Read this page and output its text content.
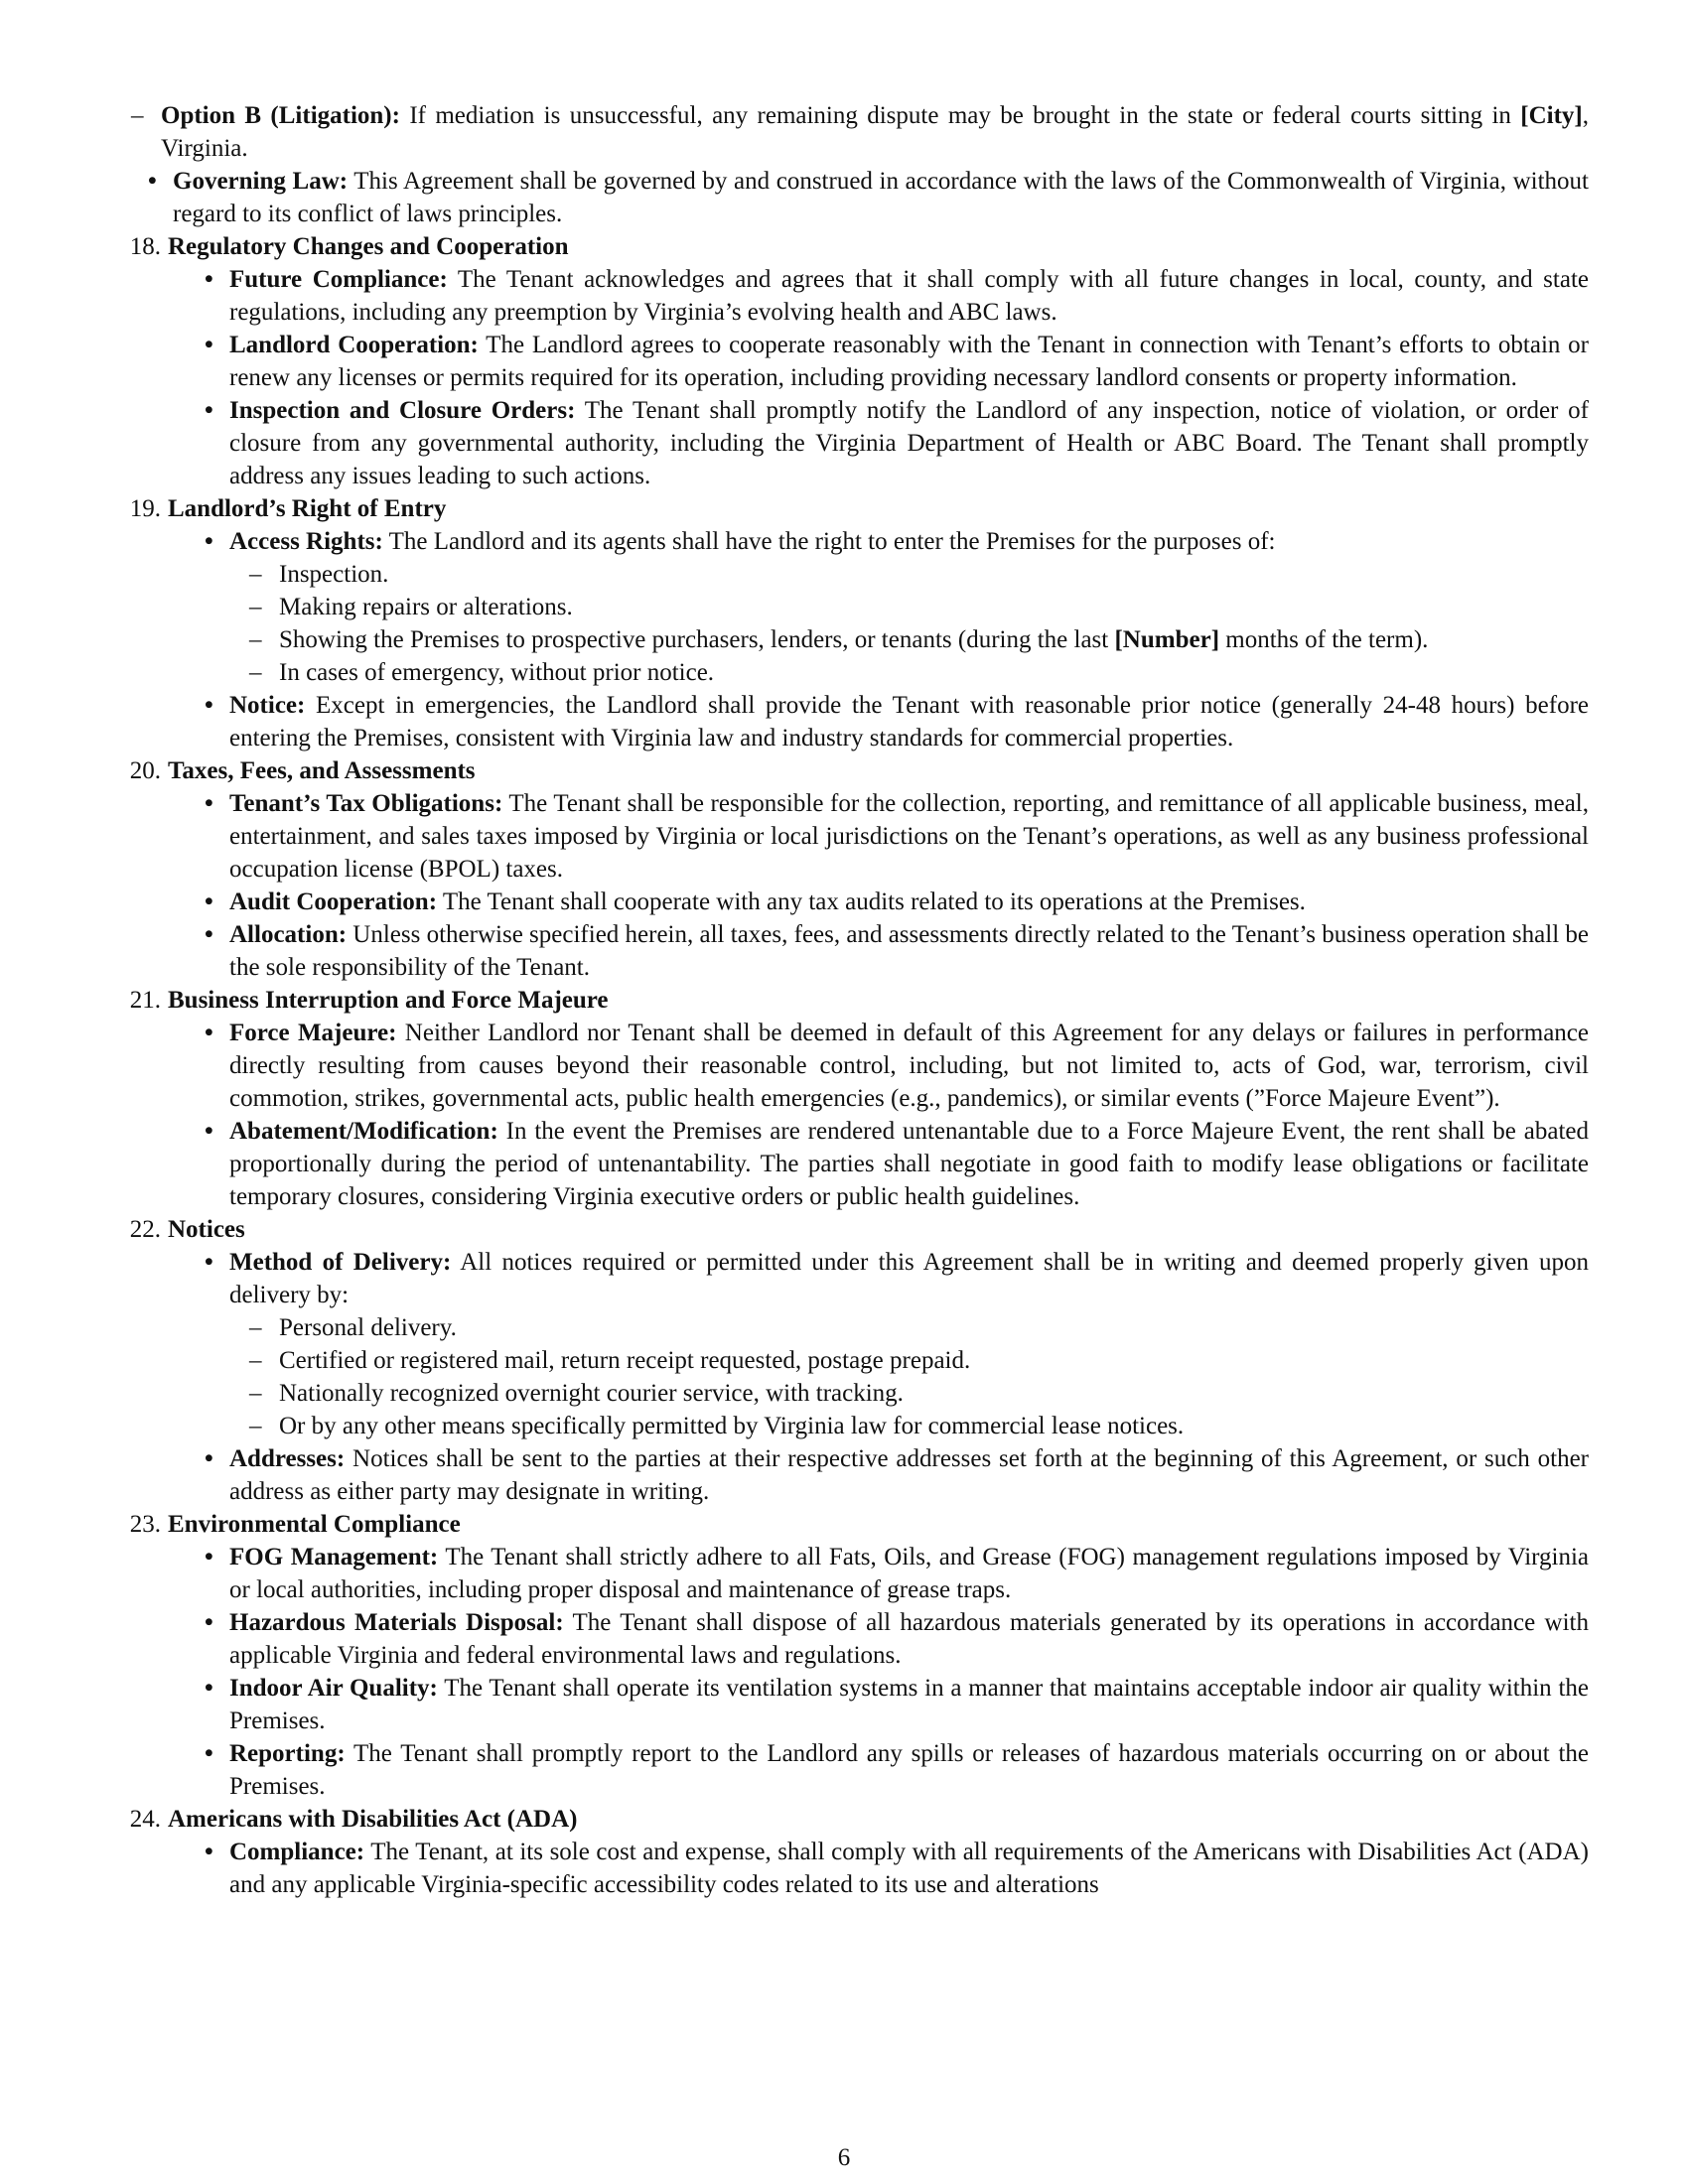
– Option B (Litigation): If mediation is unsuccessful, any remaining dispute may be brought in the state or federal courts sitting in [City], Virginia.
• Governing Law: This Agreement shall be governed by and construed in accordance with the laws of the Commonwealth of Virginia, without regard to its conflict of laws principles.
18. Regulatory Changes and Cooperation
• Future Compliance: The Tenant acknowledges and agrees that it shall comply with all future changes in local, county, and state regulations, including any preemption by Virginia’s evolving health and ABC laws.
• Landlord Cooperation: The Landlord agrees to cooperate reasonably with the Tenant in connection with Tenant’s efforts to obtain or renew any licenses or permits required for its operation, including providing necessary landlord consents or property information.
• Inspection and Closure Orders: The Tenant shall promptly notify the Landlord of any inspection, notice of violation, or order of closure from any governmental authority, including the Virginia Department of Health or ABC Board. The Tenant shall promptly address any issues leading to such actions.
19. Landlord’s Right of Entry
• Access Rights: The Landlord and its agents shall have the right to enter the Premises for the purposes of:
– Inspection.
– Making repairs or alterations.
– Showing the Premises to prospective purchasers, lenders, or tenants (during the last [Number] months of the term).
– In cases of emergency, without prior notice.
• Notice: Except in emergencies, the Landlord shall provide the Tenant with reasonable prior notice (generally 24-48 hours) before entering the Premises, consistent with Virginia law and industry standards for commercial properties.
20. Taxes, Fees, and Assessments
• Tenant’s Tax Obligations: The Tenant shall be responsible for the collection, reporting, and remittance of all applicable business, meal, entertainment, and sales taxes imposed by Virginia or local jurisdictions on the Tenant’s operations, as well as any business professional occupation license (BPOL) taxes.
• Audit Cooperation: The Tenant shall cooperate with any tax audits related to its operations at the Premises.
• Allocation: Unless otherwise specified herein, all taxes, fees, and assessments directly related to the Tenant’s business operation shall be the sole responsibility of the Tenant.
21. Business Interruption and Force Majeure
• Force Majeure: Neither Landlord nor Tenant shall be deemed in default of this Agreement for any delays or failures in performance directly resulting from causes beyond their reasonable control, including, but not limited to, acts of God, war, terrorism, civil commotion, strikes, governmental acts, public health emergencies (e.g., pandemics), or similar events (”Force Majeure Event”).
• Abatement/Modification: In the event the Premises are rendered untenantable due to a Force Majeure Event, the rent shall be abated proportionally during the period of untenantability. The parties shall negotiate in good faith to modify lease obligations or facilitate temporary closures, considering Virginia executive orders or public health guidelines.
22. Notices
• Method of Delivery: All notices required or permitted under this Agreement shall be in writing and deemed properly given upon delivery by:
– Personal delivery.
– Certified or registered mail, return receipt requested, postage prepaid.
– Nationally recognized overnight courier service, with tracking.
– Or by any other means specifically permitted by Virginia law for commercial lease notices.
• Addresses: Notices shall be sent to the parties at their respective addresses set forth at the beginning of this Agreement, or such other address as either party may designate in writing.
23. Environmental Compliance
• FOG Management: The Tenant shall strictly adhere to all Fats, Oils, and Grease (FOG) management regulations imposed by Virginia or local authorities, including proper disposal and maintenance of grease traps.
• Hazardous Materials Disposal: The Tenant shall dispose of all hazardous materials generated by its operations in accordance with applicable Virginia and federal environmental laws and regulations.
• Indoor Air Quality: The Tenant shall operate its ventilation systems in a manner that maintains acceptable indoor air quality within the Premises.
• Reporting: The Tenant shall promptly report to the Landlord any spills or releases of hazardous materials occurring on or about the Premises.
24. Americans with Disabilities Act (ADA)
• Compliance: The Tenant, at its sole cost and expense, shall comply with all requirements of the Americans with Disabilities Act (ADA) and any applicable Virginia-specific accessibility codes related to its use and alterations
6
